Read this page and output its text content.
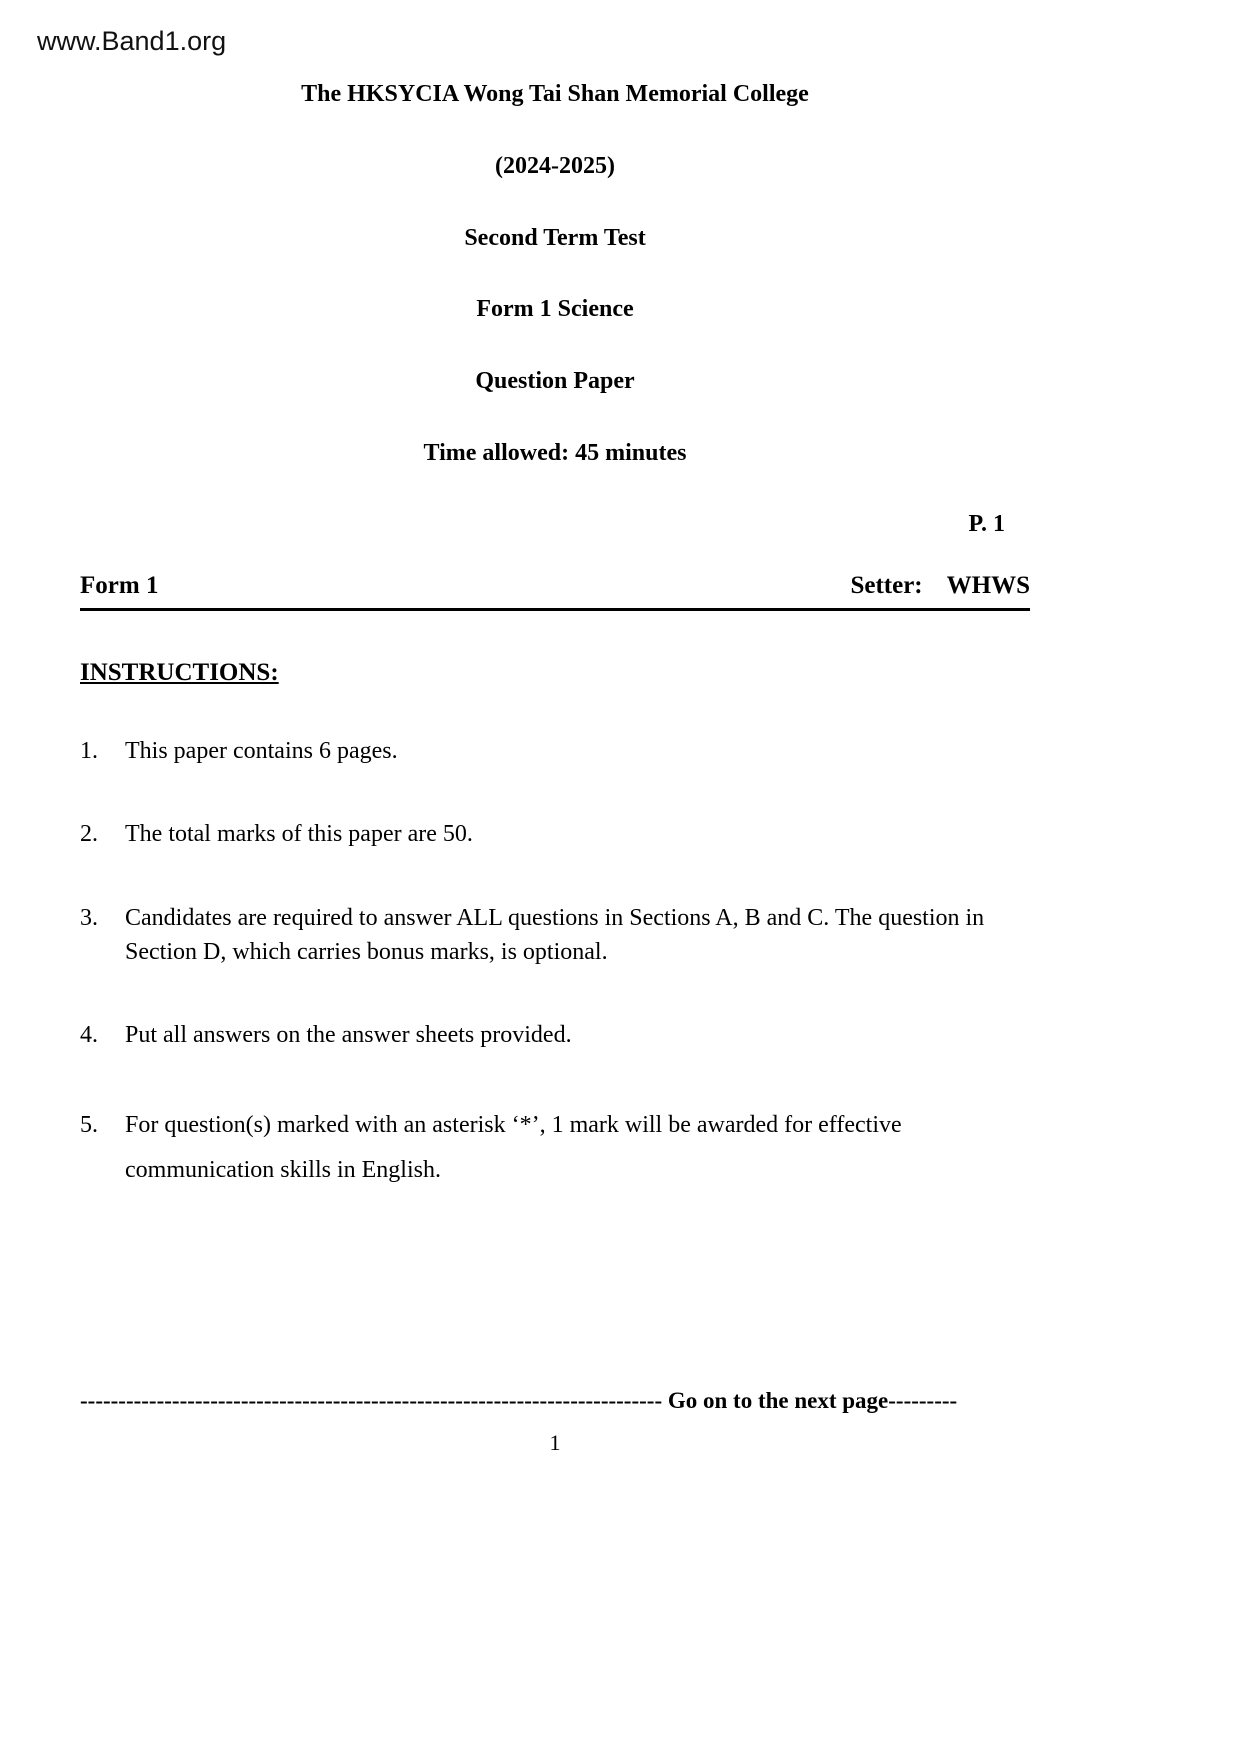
www.Band1.org
The HKSYCIA Wong Tai Shan Memorial College
(2024-2025)
Second Term Test
Form 1 Science
Question Paper
Time allowed: 45 minutes
P. 1
Form 1	Setter: WHWS
INSTRUCTIONS:
1.	This paper contains 6 pages.
2.	The total marks of this paper are 50.
3.	Candidates are required to answer ALL questions in Sections A, B and C. The question in Section D, which carries bonus marks, is optional.
4.	Put all answers on the answer sheets provided.
5.	For question(s) marked with an asterisk ‘*’, 1 mark will be awarded for effective communication skills in English.
---------------------------------------------------------------------------- Go on to the next page---------
1
